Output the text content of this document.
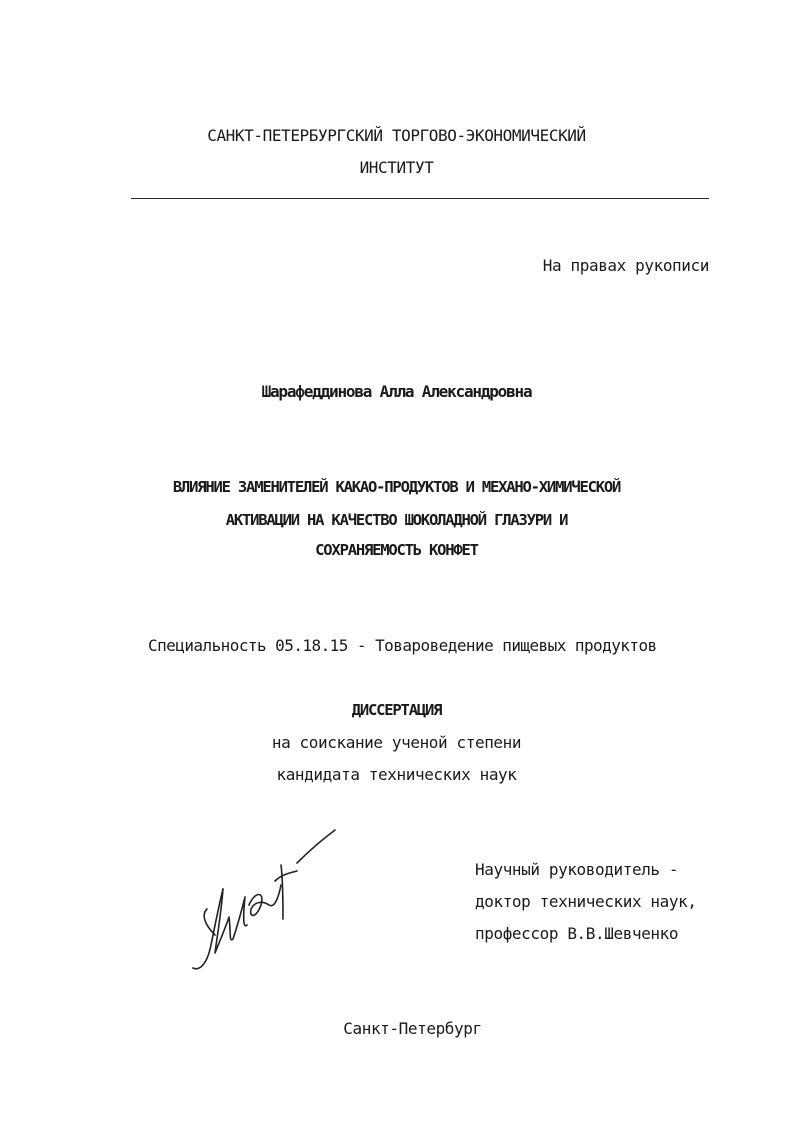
САНКТ-ПЕТЕРБУРГСКИЙ ТОРГОВО-ЭКОНОМИЧЕСКИЙ
ИНСТИТУТ
На правах рукописи
Шарафеддинова Алла Александровна
ВЛИЯНИЕ ЗАМЕНИТЕЛЕЙ КАКАО-ПРОДУКТОВ И МЕХАНО-ХИМИЧЕСКОЙ
АКТИВАЦИИ НА КАЧЕСТВО ШОКОЛАДНОЙ ГЛАЗУРИ И
СОХРАНЯЕМОСТЬ КОНФЕТ
Специальность 05.18.15 - Товароведение пищевых продуктов
ДИССЕРТАЦИЯ
на соискание ученой степени
кандидата технических наук
Научный руководитель -
доктор технических наук,
профессор В.В.Шевченко
Санкт-Петербург
